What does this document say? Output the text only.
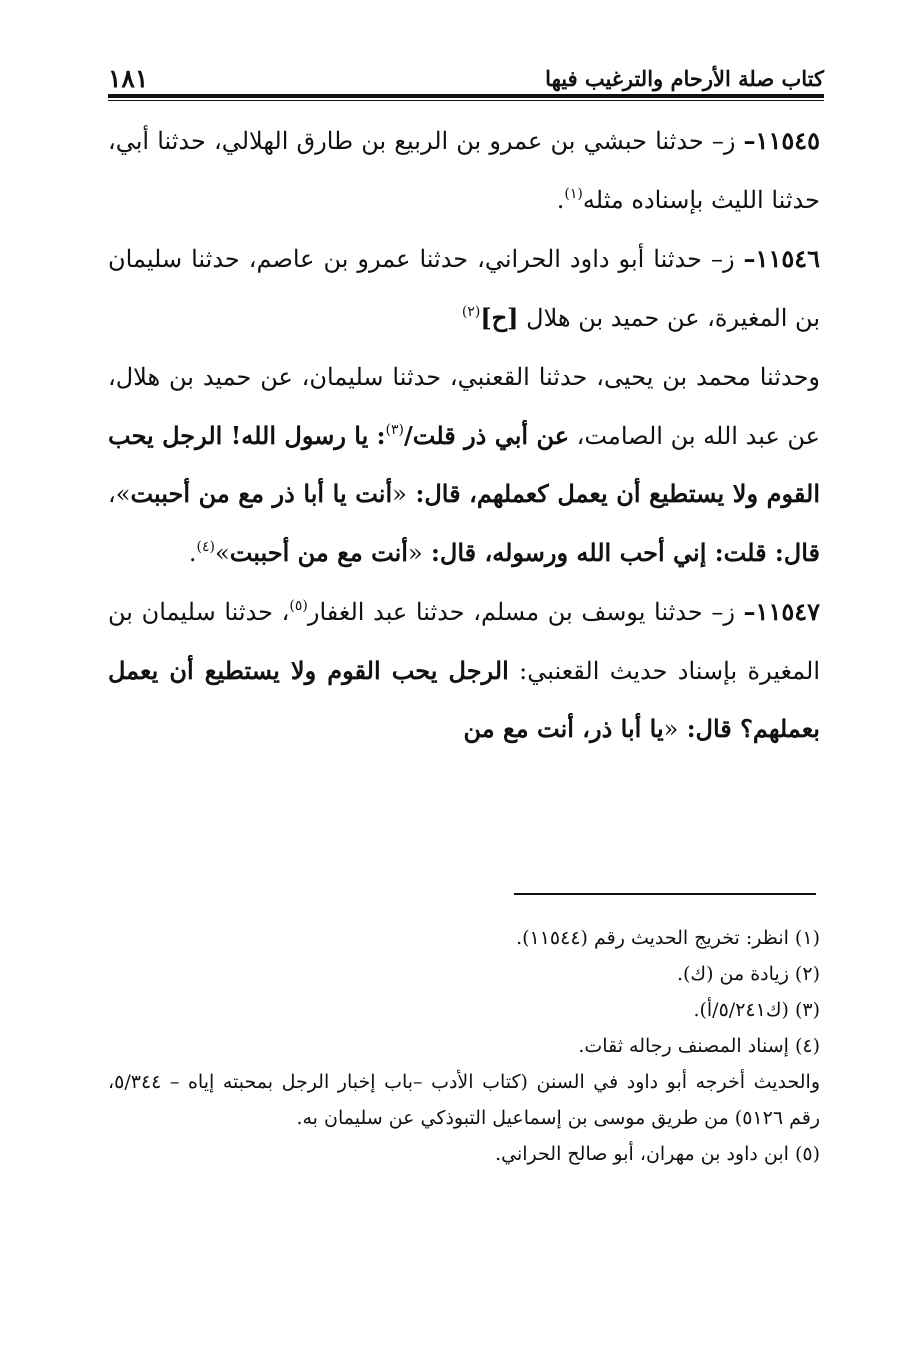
كتاب صلة الأرحام والترغيب فيها
١٨١

١١٥٤٥– ز– حدثنا حبشي بن عمرو بن الربيع بن طارق الهلالي، حدثنا أبي، حدثنا الليث بإسناده مثله$^{(١)}$.

١١٥٤٦– ز– حدثنا أبو داود الحراني، حدثنا عمرو بن عاصم، حدثنا سليمان بن المغيرة، عن حميد بن هلال [ح]$^{(٢)}$

وحدثنا محمد بن يحيى، حدثنا القعنبي، حدثنا سليمان، عن حميد بن هلال، عن عبد الله بن الصامت، عن أبي ذر قلت/$^{(٣)}$: يا رسول الله! الرجل يحب القوم ولا يستطيع أن يعمل كعملهم، قال: «أنت يا أبا ذر مع من أحببت»، قال: قلت: إني أحب الله ورسوله، قال: «أنت مع من أحببت»$^{(٤)}$.

١١٥٤٧– ز– حدثنا يوسف بن مسلم، حدثنا عبد الغفار$^{(٥)}$، حدثنا سليمان بن المغيرة بإسناد حديث القعنبي: الرجل يحب القوم ولا يستطيع أن يعمل بعملهم؟ قال: «يا أبا ذر، أنت مع من

(١) انظر: تخريج الحديث رقم (١١٥٤٤).

(٢) زيادة من (ك).

(٣) (ك٥/٢٤١/أ).

(٤) إسناد المصنف رجاله ثقات.

والحديث أخرجه أبو داود في السنن (كتاب الأدب –باب إخبار الرجل بمحبته إياه – ٥/٣٤٤، رقم ٥١٢٦) من طريق موسى بن إسماعيل التبوذكي عن سليمان به.

(٥) ابن داود بن مهران، أبو صالح الحراني.
